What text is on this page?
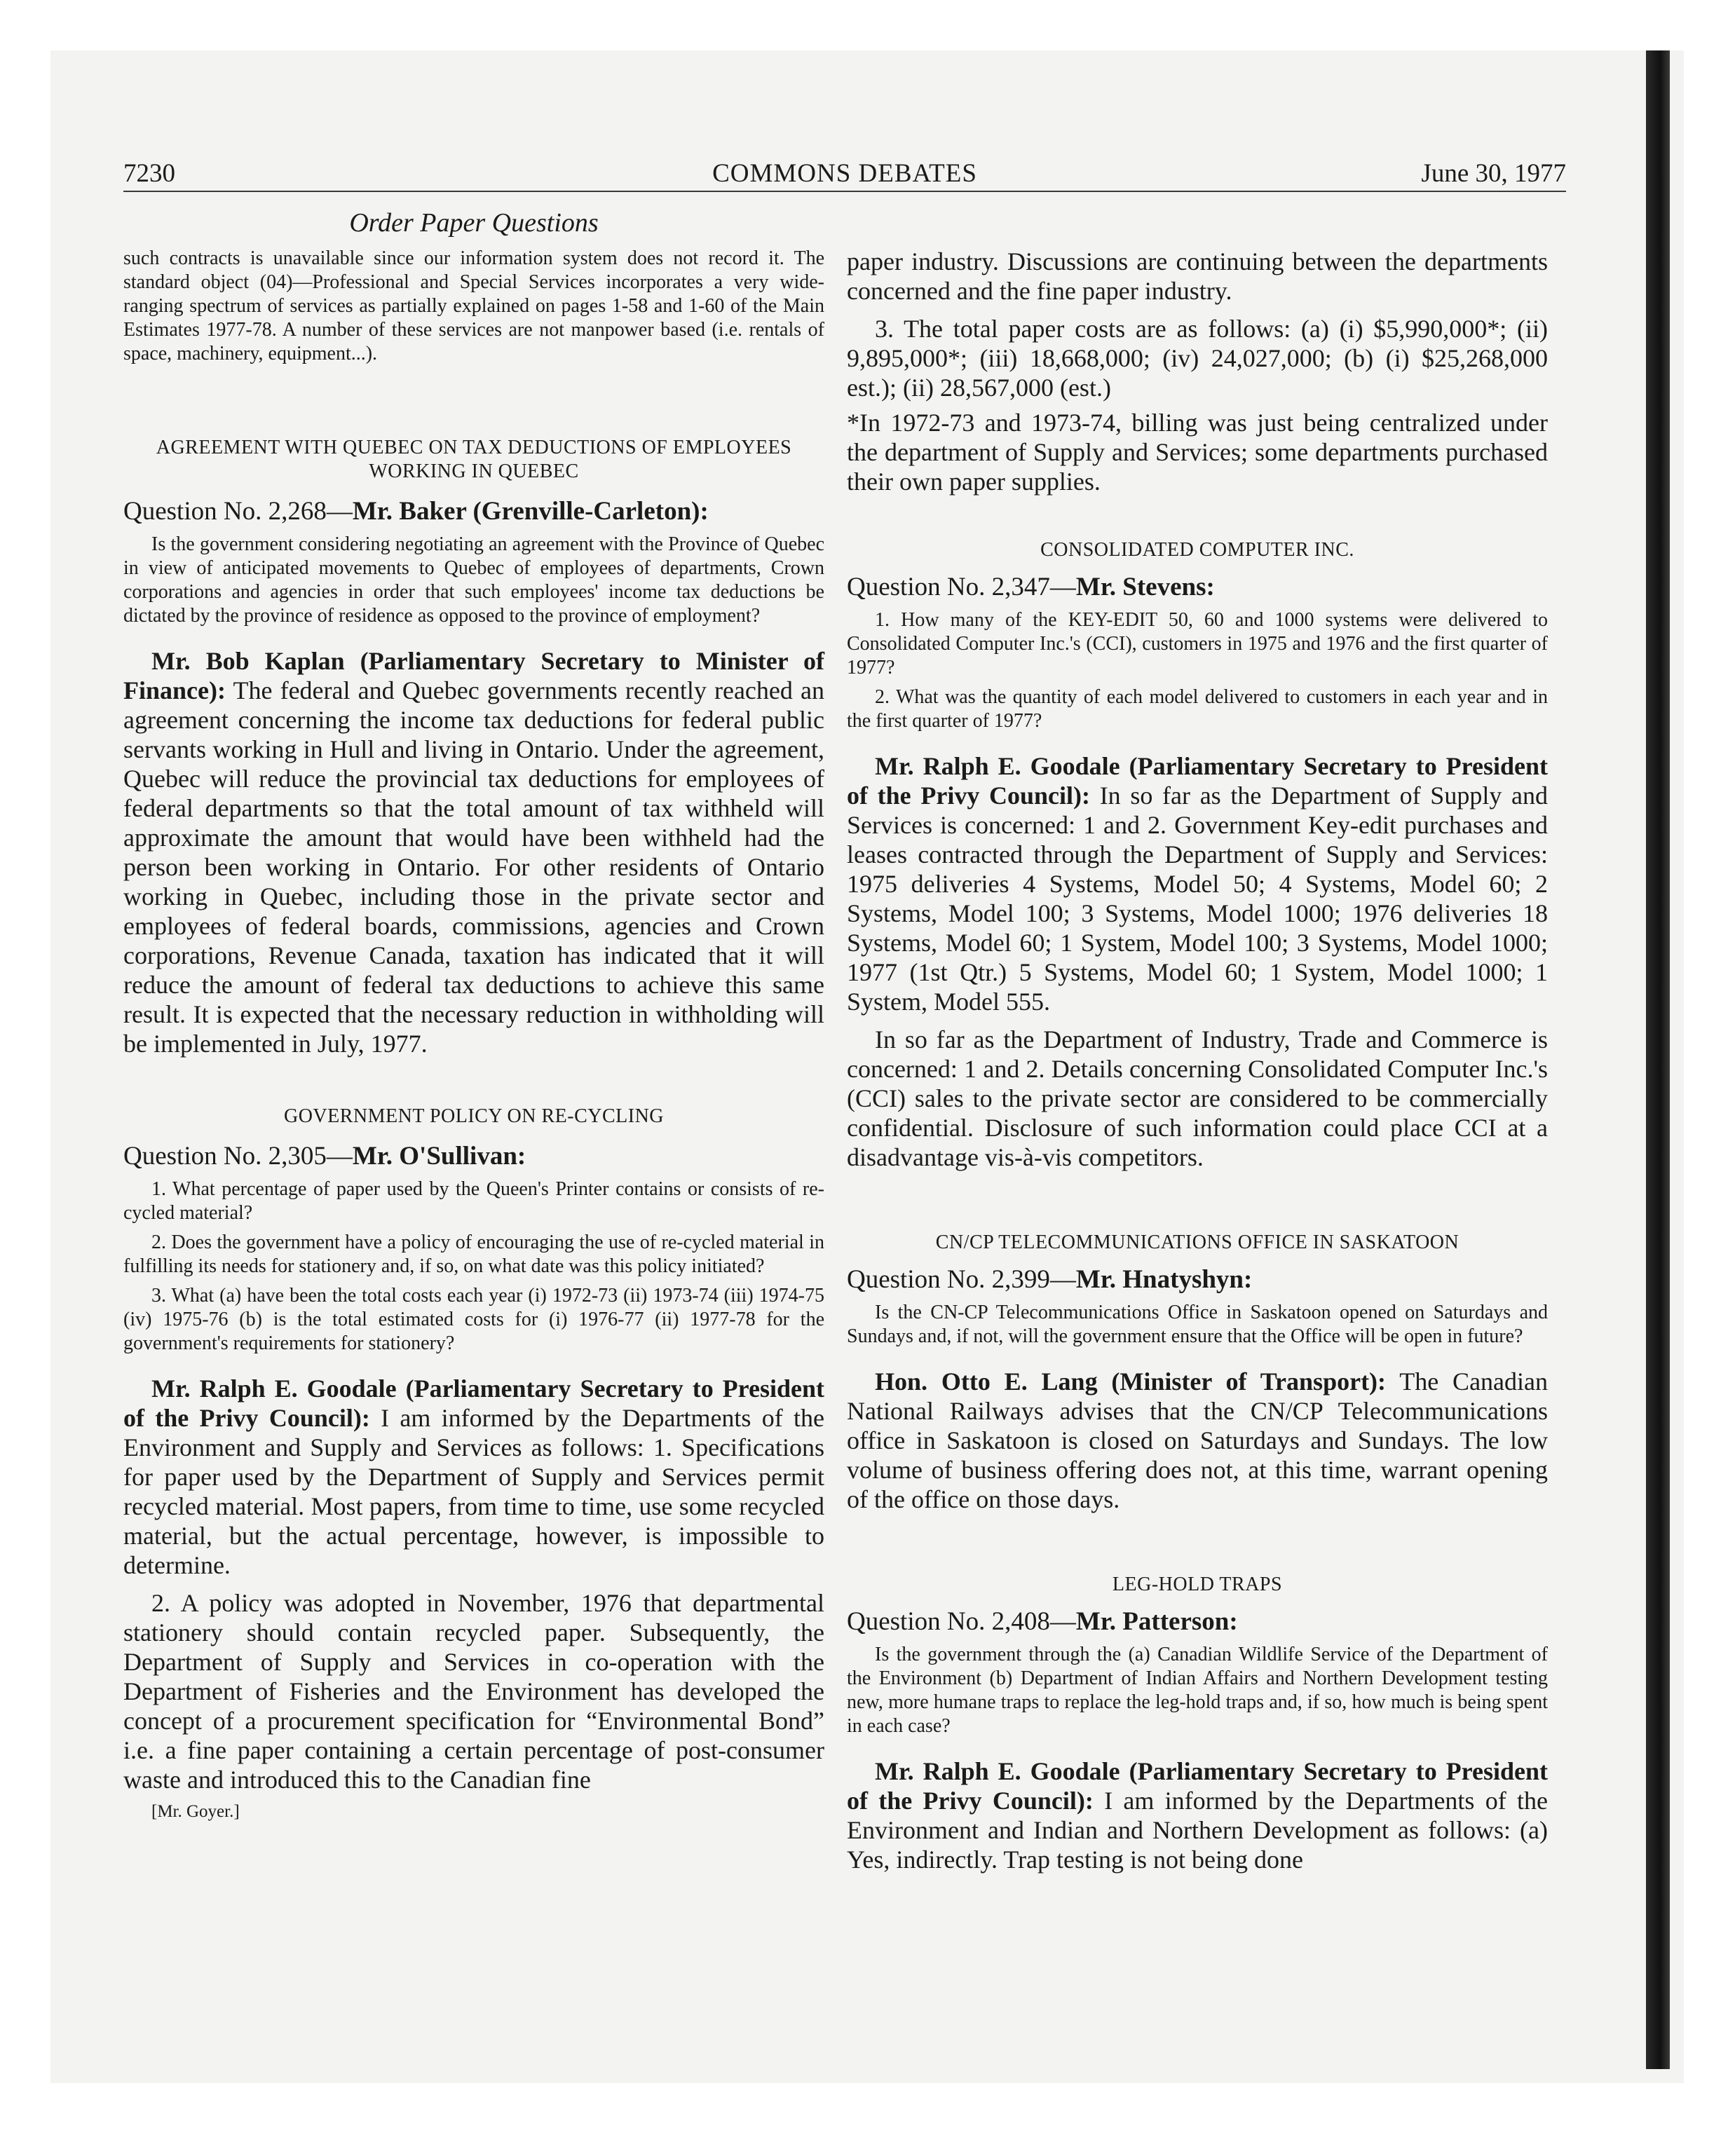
7230	COMMONS DEBATES	June 30, 1977
Order Paper Questions

such contracts is unavailable since our information system does not record it. The standard object (04)—Professional and Special Services incorporates a very wide-ranging spectrum of services as partially explained on pages 1-58 and 1-60 of the Main Estimates 1977-78. A number of these services are not manpower based (i.e. rentals of space, machinery, equipment...).

AGREEMENT WITH QUEBEC ON TAX DEDUCTIONS OF EMPLOYEES WORKING IN QUEBEC

Question No. 2,268—Mr. Baker (Grenville-Carleton):

Is the government considering negotiating an agreement with the Province of Quebec in view of anticipated movements to Quebec of employees of departments, Crown corporations and agencies in order that such employees' income tax deductions be dictated by the province of residence as opposed to the province of employment?

Mr. Bob Kaplan (Parliamentary Secretary to Minister of Finance): The federal and Quebec governments recently reached an agreement concerning the income tax deductions for federal public servants working in Hull and living in Ontario. Under the agreement, Quebec will reduce the provincial tax deductions for employees of federal departments so that the total amount of tax withheld will approximate the amount that would have been withheld had the person been working in Ontario. For other residents of Ontario working in Quebec, including those in the private sector and employees of federal boards, commissions, agencies and Crown corporations, Revenue Canada, taxation has indicated that it will reduce the amount of federal tax deductions to achieve this same result. It is expected that the necessary reduction in withholding will be implemented in July, 1977.

GOVERNMENT POLICY ON RE-CYCLING

Question No. 2,305—Mr. O'Sullivan:

1. What percentage of paper used by the Queen's Printer contains or consists of re-cycled material?

2. Does the government have a policy of encouraging the use of re-cycled material in fulfilling its needs for stationery and, if so, on what date was this policy initiated?

3. What (a) have been the total costs each year (i) 1972-73 (ii) 1973-74 (iii) 1974-75 (iv) 1975-76 (b) is the total estimated costs for (i) 1976-77 (ii) 1977-78 for the government's requirements for stationery?

Mr. Ralph E. Goodale (Parliamentary Secretary to President of the Privy Council): I am informed by the Departments of the Environment and Supply and Services as follows: 1. Specifications for paper used by the Department of Supply and Services permit recycled material. Most papers, from time to time, use some recycled material, but the actual percentage, however, is impossible to determine.

2. A policy was adopted in November, 1976 that departmental stationery should contain recycled paper. Subsequently, the Department of Supply and Services in co-operation with the Department of Fisheries and the Environment has developed the concept of a procurement specification for “Environmental Bond” i.e. a fine paper containing a certain percentage of post-consumer waste and introduced this to the Canadian fine

[Mr. Goyer.]

paper industry. Discussions are continuing between the departments concerned and the fine paper industry.

3. The total paper costs are as follows: (a) (i) $5,990,000*; (ii) 9,895,000*; (iii) 18,668,000; (iv) 24,027,000; (b) (i) $25,268,000 est.); (ii) 28,567,000 (est.)

*In 1972-73 and 1973-74, billing was just being centralized under the department of Supply and Services; some departments purchased their own paper supplies.

CONSOLIDATED COMPUTER INC.

Question No. 2,347—Mr. Stevens:

1. How many of the KEY-EDIT 50, 60 and 1000 systems were delivered to Consolidated Computer Inc.'s (CCI), customers in 1975 and 1976 and the first quarter of 1977?

2. What was the quantity of each model delivered to customers in each year and in the first quarter of 1977?

Mr. Ralph E. Goodale (Parliamentary Secretary to President of the Privy Council): In so far as the Department of Supply and Services is concerned: 1 and 2. Government Key-edit purchases and leases contracted through the Department of Supply and Services: 1975 deliveries 4 Systems, Model 50; 4 Systems, Model 60; 2 Systems, Model 100; 3 Systems, Model 1000; 1976 deliveries 18 Systems, Model 60; 1 System, Model 100; 3 Systems, Model 1000; 1977 (1st Qtr.) 5 Systems, Model 60; 1 System, Model 1000; 1 System, Model 555.

In so far as the Department of Industry, Trade and Commerce is concerned: 1 and 2. Details concerning Consolidated Computer Inc.'s (CCI) sales to the private sector are considered to be commercially confidential. Disclosure of such information could place CCI at a disadvantage vis-à-vis competitors.

CN/CP TELECOMMUNICATIONS OFFICE IN SASKATOON

Question No. 2,399—Mr. Hnatyshyn:

Is the CN-CP Telecommunications Office in Saskatoon opened on Saturdays and Sundays and, if not, will the government ensure that the Office will be open in future?

Hon. Otto E. Lang (Minister of Transport): The Canadian National Railways advises that the CN/CP Telecommunications office in Saskatoon is closed on Saturdays and Sundays. The low volume of business offering does not, at this time, warrant opening of the office on those days.

LEG-HOLD TRAPS

Question No. 2,408—Mr. Patterson:

Is the government through the (a) Canadian Wildlife Service of the Department of the Environment (b) Department of Indian Affairs and Northern Development testing new, more humane traps to replace the leg-hold traps and, if so, how much is being spent in each case?

Mr. Ralph E. Goodale (Parliamentary Secretary to President of the Privy Council): I am informed by the Departments of the Environment and Indian and Northern Development as follows: (a) Yes, indirectly. Trap testing is not being done
